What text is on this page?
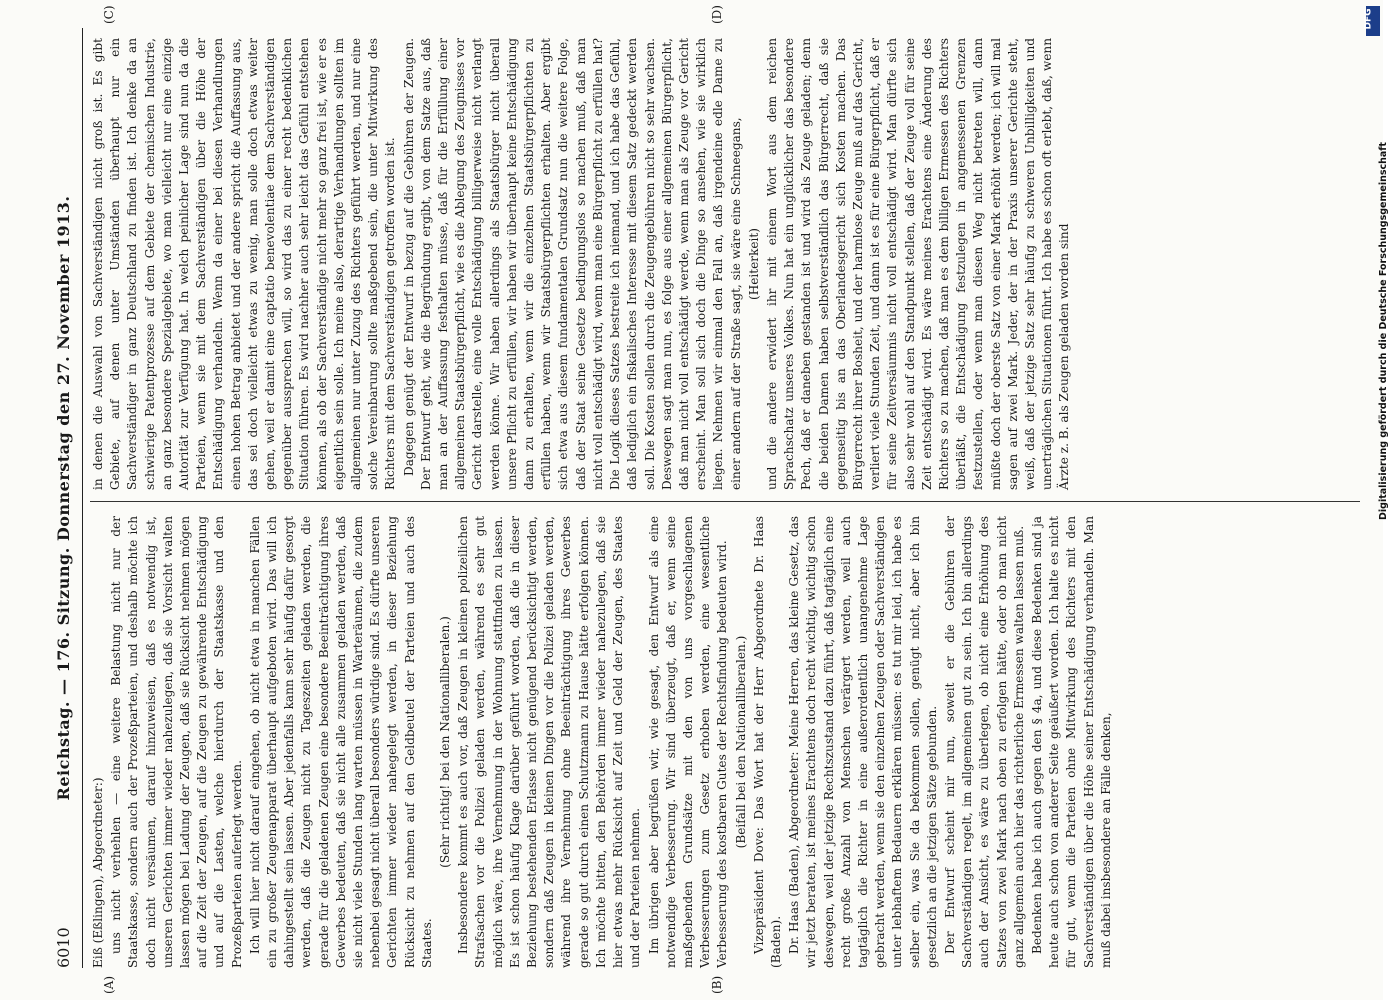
6010
Reichstag. — 176. Sitzung. Donnerstag den 27. November 1913.
(A)	(B)
(C)	(D)

Eiß (Eßlingen), Abgeordneter:) uns nicht verhehlen — eine weitere Belastung nicht nur der Staatskasse, sondern auch der Prozeßparteien, und deshalb möchte ich doch nicht versäumen, darauf hinzuweisen, daß es notwendig ist, unseren Gerichten immer wieder nahezulegen, daß sie Vorsicht walten lassen mögen bei Ladung der Zeugen, daß sie Rücksicht nehmen mögen auf die Zeit der Zeugen, auf die Zeugen zu gewährende Entschädigung und auf die Lasten, welche hierdurch der Staatskasse und den Prozeßparteien auferlegt werden. Ich will hier nicht darauf eingehen, ob nicht etwa in manchen Fällen ein zu großer Zeugenapparat überhaupt aufgeboten wird. Das will ich dahingestellt sein lassen. Aber jedenfalls kann sehr häufig dafür gesorgt werden, daß die Zeugen nicht zu Tageszeiten geladen werden, die gerade für die geladenen Zeugen eine besondere Beeinträchtigung ihres Gewerbes bedeuten, daß sie nicht alle zusammen geladen werden, daß sie nicht viele Stunden lang warten müssen in Warteräumen, die zudem nebenbei gesagt nicht überall besonders würdige sind. Es dürfte unseren Gerichten immer wieder nahegelegt werden, in dieser Beziehung Rücksicht zu nehmen auf den Geldbeutel der Parteien und auch des Staates.

(Sehr richtig! bei den Nationalliberalen.) Insbesondere kommt es auch vor, daß Zeugen in kleinen polizeilichen Strafsachen vor die Polizei geladen werden, während es sehr gut möglich wäre, ihre Vernehmung in der Wohnung stattfinden zu lassen. Es ist schon häufig Klage darüber geführt worden, daß die in dieser Beziehung bestehenden Erlasse nicht genügend berücksichtigt werden, sondern daß Zeugen in kleinen Dingen vor die Polizei geladen werden, während ihre Vernehmung ohne Beeinträchtigung ihres Gewerbes gerade so gut durch einen Schutzmann zu Hause hätte erfolgen können. Ich möchte bitten, den Behörden immer wieder nahezulegen, daß sie hier etwas mehr Rücksicht auf Zeit und Geld der Zeugen, des Staates und der Parteien nehmen. Im übrigen aber begrüßen wir, wie gesagt, den Entwurf als eine notwendige Verbesserung. Wir sind überzeugt, daß er, wenn seine maßgebenden Grundsätze mit den von uns vorgeschlagenen Verbesserungen zum Gesetz erhoben werden, eine wesentliche Verbesserung des kostbaren Gutes der Rechtsfindung bedeuten wird. (Beifall bei den Nationalliberalen.) Vizepräsident Dove: Das Wort hat der Herr Abgeordnete Dr. Haas (Baden). Dr. Haas (Baden), Abgeordneter: Meine Herren, das kleine Gesetz, das wir jetzt beraten, ist meines Erachtens doch recht wichtig, wichtig schon deswegen, weil der jetzige Rechtszustand dazu führt, daß tagtäglich eine recht große Anzahl von Menschen verärgert werden, weil auch tagtäglich die Richter in eine außerordentlich unangenehme Lage gebracht werden, wenn sie den einzelnen Zeugen oder Sachverständigen unter lebhaftem Bedauern erklären müssen: es tut mir leid, ich habe es selber ein, was Sie da bekommen sollen, genügt nicht, aber ich bin gesetzlich an die jetzigen Sätze gebunden. Der Entwurf scheint mir nun, soweit er die Gebühren der Sachverständigen regelt, im allgemeinen gut zu sein. Ich bin allerdings auch der Ansicht, es wäre zu überlegen, ob nicht eine Erhöhung des Satzes von zwei Mark nach oben zu erfolgen hätte, oder ob man nicht ganz allgemein auch hier das richterliche Ermessen walten lassen muß. Bedenken habe ich auch gegen den § 4a, und diese Bedenken sind ja heute auch schon von anderer Seite geäußert worden. Ich halte es nicht für gut, wenn die Parteien ohne Mitwirkung des Richters mit den Sachverständigen über die Höhe seiner Entschädigung verhandeln. Man muß dabei insbesondere an Fälle denken,

in denen die Auswahl von Sachverständigen nicht groß ist. Es gibt Gebiete, auf denen unter Umständen überhaupt nur ein Sachverständiger in ganz Deutschland zu finden ist. Ich denke da an schwierige Patentprozesse auf dem Gebiete der chemischen Industrie, an ganz besondere Spezialgebiete, wo man vielleicht nur eine einzige Autorität zur Verfügung hat. In welch peinlicher Lage sind nun da die Parteien, wenn sie mit dem Sachverständigen über die Höhe der Entschädigung verhandeln. Wenn da einer bei diesen Verhandlungen einen hohen Betrag anbietet und der andere spricht die Auffassung aus, das sei doch vielleicht etwas zu wenig, man solle doch etwas weiter gehen, weil er damit eine captatio benevolentiae dem Sachverständigen gegenüber aussprechen will, so wird das zu einer recht bedenklichen Situation führen. Es wird nachher auch sehr leicht das Gefühl entstehen können, als ob der Sachverständige nicht mehr so ganz frei ist, wie er es eigentlich sein solle. Ich meine also, derartige Verhandlungen sollten im allgemeinen nur unter Zuzug des Richters geführt werden, und nur eine solche Vereinbarung sollte maßgebend sein, die unter Mitwirkung des Richters mit dem Sachverständigen getroffen worden ist. Dagegen genügt der Entwurf in bezug auf die Gebühren der Zeugen. Der Entwurf geht, wie die Begründung ergibt, von dem Satze aus, daß man an der Auffassung festhalten müsse, daß für die Erfüllung einer allgemeinen Staatsbürgerpflicht, wie es die Ablegung des Zeugnisses vor Gericht darstelle, eine volle Entschädigung billigerweise nicht verlangt werden könne. Wir haben allerdings als Staatsbürger nicht überall unsere Pflicht zu erfüllen, wir haben wir überhaupt keine Entschädigung dann zu erhalten, wenn wir die einzelnen Staatsbürgerpflichten zu erfüllen haben, wenn wir Staatsbürgerpflichten erhalten. Aber ergibt sich etwa aus diesem fundamentalen Grundsatz nun die weitere Folge, daß der Staat seine Gesetze bedingungslos so machen muß, daß man nicht voll entschädigt wird, wenn man eine Bürgerpflicht zu erfüllen hat? Die Logik dieses Satzes bestreite ich niemand, und ich habe das Gefühl, daß lediglich ein fiskalisches Interesse mit diesem Satz gedeckt werden soll. Die Kosten sollen durch die Zeugengebühren nicht so sehr wachsen. Deswegen sagt man nun, es folge aus einer allgemeinen Bürgerpflicht, daß man nicht voll entschädigt werde, wenn man als Zeuge vor Gericht erscheint. Man soll sich doch die Dinge so ansehen, wie sie wirklich liegen. Nehmen wir einmal den Fall an, daß irgendeine edle Dame zu einer andern auf der Straße sagt, sie wäre eine Schneegans, (Heiterkeit) und die andere erwidert ihr mit einem Wort aus dem reichen Sprachschatz unseres Volkes. Nun hat ein unglücklicher das besondere Pech, daß er daneben gestanden ist und wird als Zeuge geladen; denn die beiden Damen haben selbstverständlich das Bürgerrecht, daß sie gegenseitig bis an das Oberlandesgericht sich Kosten machen. Das Bürgerrecht ihrer Bosheit, und der harmlose Zeuge muß auf das Gericht, verliert viele Stunden Zeit, und dann ist es für eine Bürgerpflicht, daß er für seine Zeitversäumnis nicht voll entschädigt wird. Man dürfte sich also sehr wohl auf den Standpunkt stellen, daß der Zeuge voll für seine Zeit entschädigt wird. Es wäre meines Erachtens eine Änderung des Richters so zu machen, daß man es dem billigen Ermessen des Richters überläßt, die Entschädigung festzulegen in angemessenen Grenzen festzustellen, oder wenn man diesen Weg nicht betreten will, dann müßte doch der oberste Satz von einer Mark erhöht werden; ich will mal sagen auf zwei Mark. Jeder, der in der Praxis unserer Gerichte steht, weiß, daß der jetzige Satz sehr häufig zu schweren Unbilligkeiten und unerträglichen Situationen führt. Ich habe es schon oft erlebt, daß, wenn Ärzte z. B. als Zeugen geladen worden sind

DFG
Digitalisierung gefördert durch die Deutsche Forschungsgemeinschaft
